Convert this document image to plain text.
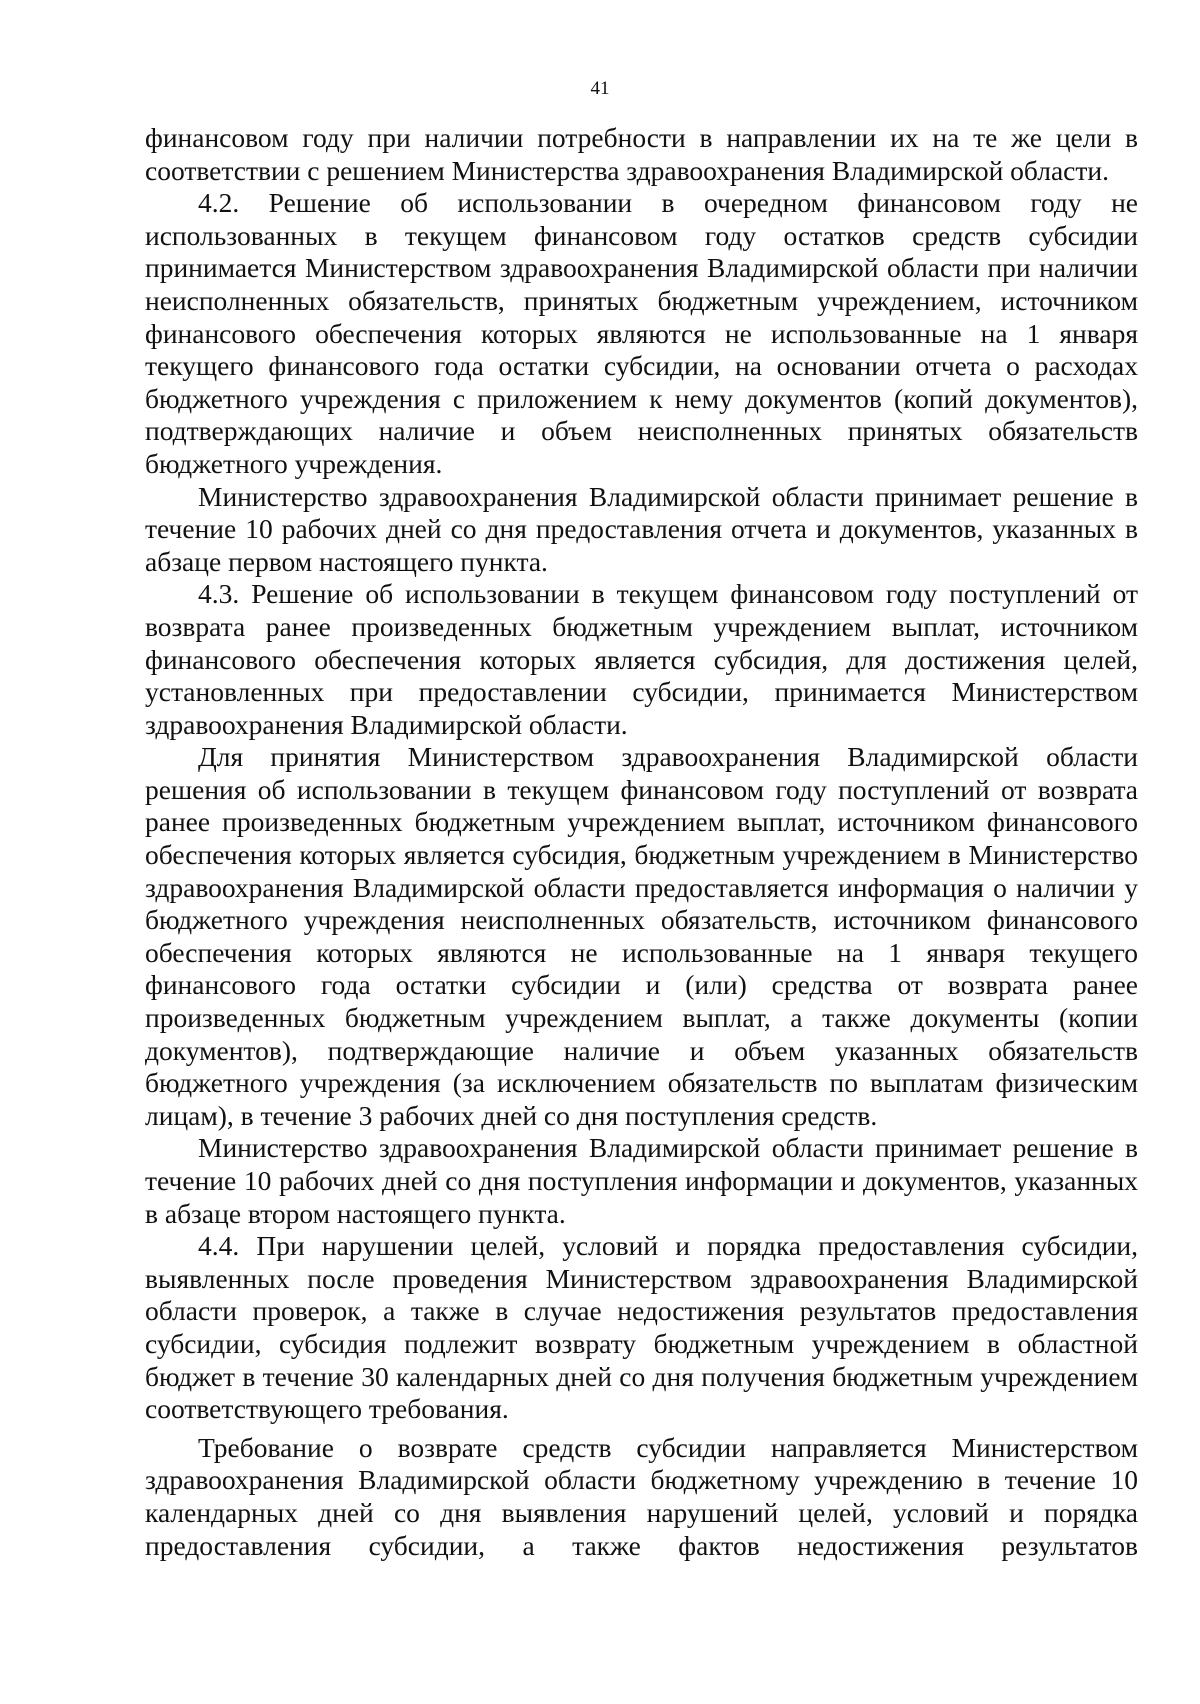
41

финансовом году при наличии потребности в направлении их на те же цели в соответствии с решением Министерства здравоохранения Владимирской области.

4.2. Решение об использовании в очередном финансовом году не использованных в текущем финансовом году остатков средств субсидии принимается Министерством здравоохранения Владимирской области при наличии неисполненных обязательств, принятых бюджетным учреждением, источником финансового обеспечения которых являются не использованные на 1 января текущего финансового года остатки субсидии, на основании отчета о расходах бюджетного учреждения с приложением к нему документов (копий документов), подтверждающих наличие и объем неисполненных принятых обязательств бюджетного учреждения.

Министерство здравоохранения Владимирской области принимает решение в течение 10 рабочих дней со дня предоставления отчета и документов, указанных в абзаце первом настоящего пункта.

4.3. Решение об использовании в текущем финансовом году поступлений от возврата ранее произведенных бюджетным учреждением выплат, источником финансового обеспечения которых является субсидия, для достижения целей, установленных при предоставлении субсидии, принимается Министерством здравоохранения Владимирской области.

Для принятия Министерством здравоохранения Владимирской области решения об использовании в текущем финансовом году поступлений от возврата ранее произведенных бюджетным учреждением выплат, источником финансового обеспечения которых является субсидия, бюджетным учреждением в Министерство здравоохранения Владимирской области предоставляется информация о наличии у бюджетного учреждения неисполненных обязательств, источником финансового обеспечения которых являются не использованные на 1 января текущего финансового года остатки субсидии и (или) средства от возврата ранее произведенных бюджетным учреждением выплат, а также документы (копии документов), подтверждающие наличие и объем указанных обязательств бюджетного учреждения (за исключением обязательств по выплатам физическим лицам), в течение 3 рабочих дней со дня поступления средств.

Министерство здравоохранения Владимирской области принимает решение в течение 10 рабочих дней со дня поступления информации и документов, указанных в абзаце втором настоящего пункта.

4.4. При нарушении целей, условий и порядка предоставления субсидии, выявленных после проведения Министерством здравоохранения Владимирской области проверок, а также в случае недостижения результатов предоставления субсидии, субсидия подлежит возврату бюджетным учреждением в областной бюджет в течение 30 календарных дней со дня получения бюджетным учреждением соответствующего требования.

Требование о возврате средств субсидии направляется Министерством здравоохранения Владимирской области бюджетному учреждению в течение 10 календарных дней со дня выявления нарушений целей, условий и порядка предоставления субсидии, а также фактов недостижения результатов
